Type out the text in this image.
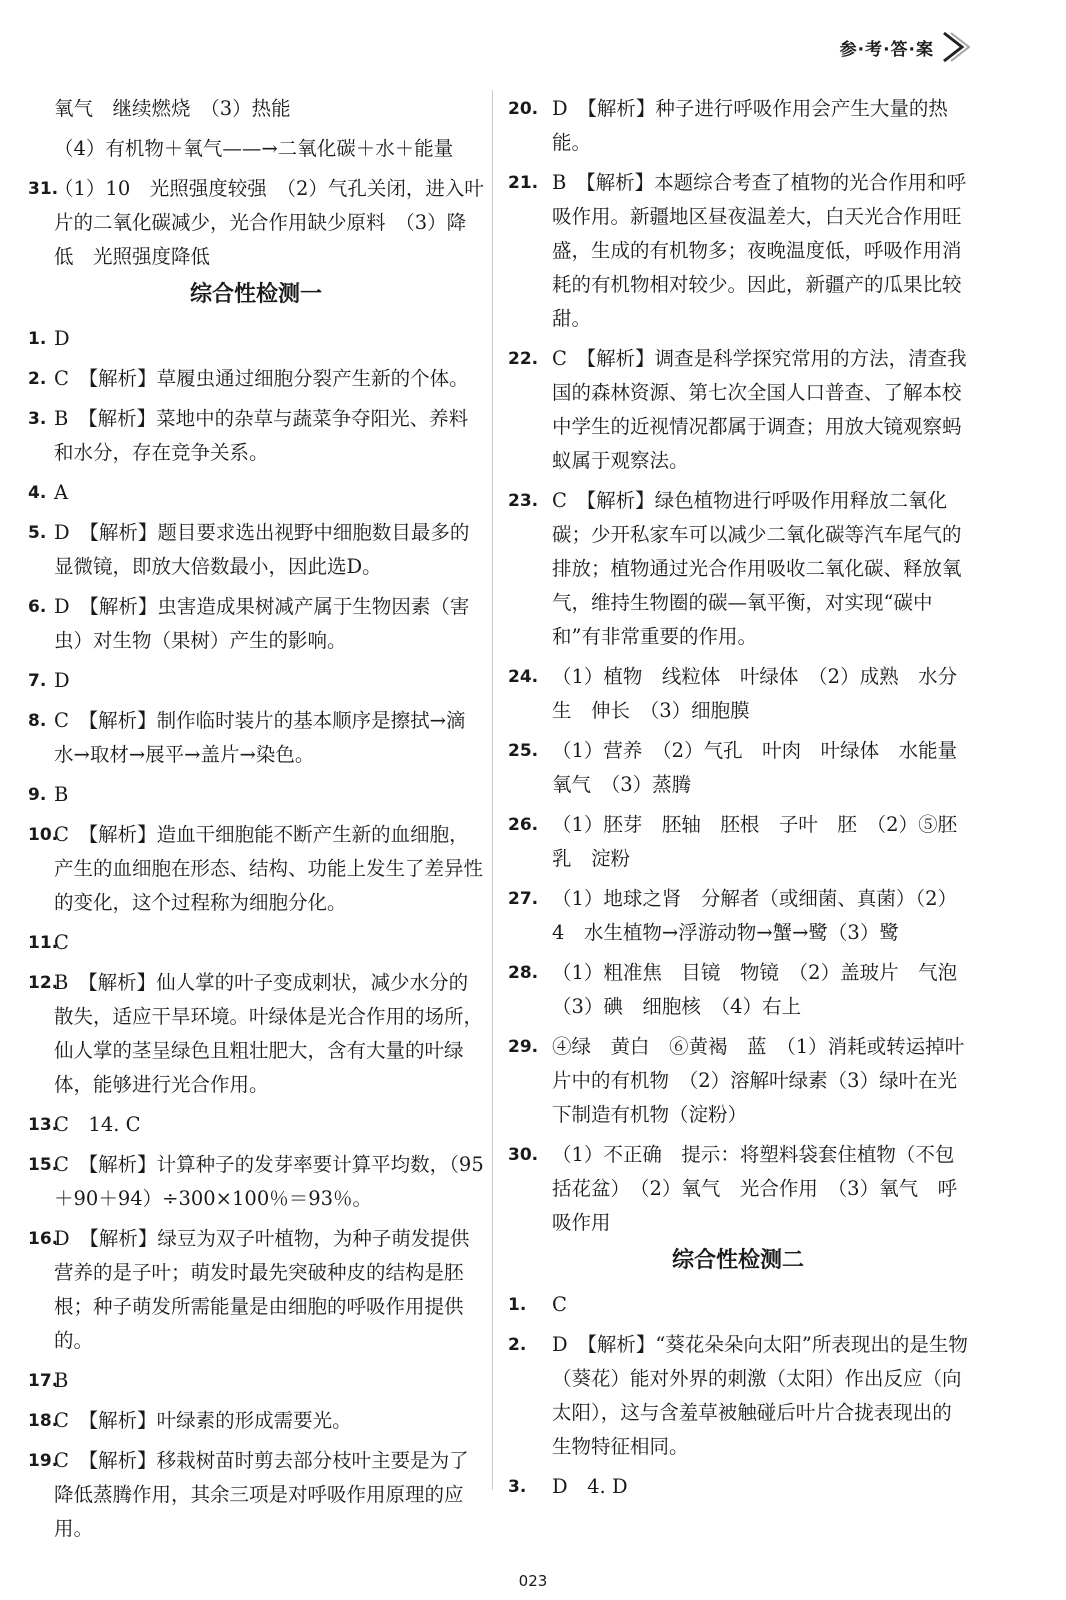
参·考·答·案
氧气　继续燃烧　（3）热能
（4）有机物＋氧气——→二氧化碳＋水＋能量
31.
（1）10　光照强度较强　（2）气孔关闭，进入叶片的二氧化碳减少，光合作用缺少原料　（3）降低　光照强度降低
综合性检测一
1. D
2. C　【解析】草履虫通过细胞分裂产生新的个体。
3. B　【解析】菜地中的杂草与蔬菜争夺阳光、养料和水分，存在竞争关系。
4. A
5. D　【解析】题目要求选出视野中细胞数目最多的显微镜，即放大倍数最小，因此选D。
6. D　【解析】虫害造成果树减产属于生物因素（害虫）对生物（果树）产生的影响。
7. D
8. C　【解析】制作临时装片的基本顺序是擦拭→滴水→取材→展平→盖片→染色。
9. B
10.
C　【解析】造血干细胞能不断产生新的血细胞，产生的血细胞在形态、结构、功能上发生了差异性的变化，这个过程称为细胞分化。
11.
C
12.
B　【解析】仙人掌的叶子变成刺状，减少水分的散失，适应干旱环境。叶绿体是光合作用的场所，仙人掌的茎呈绿色且粗壮肥大，含有大量的叶绿体，能够进行光合作用。
13.
C　14. C
15.
C　【解析】计算种子的发芽率要计算平均数，（95＋90＋94）÷300×100％＝93％。
16.
D　【解析】绿豆为双子叶植物，为种子萌发提供营养的是子叶；萌发时最先突破种皮的结构是胚根；种子萌发所需能量是由细胞的呼吸作用提供的。
17.
B
18.
C　【解析】叶绿素的形成需要光。
19.
C　【解析】移栽树苗时剪去部分枝叶主要是为了降低蒸腾作用，其余三项是对呼吸作用原理的应用。
20. D　【解析】种子进行呼吸作用会产生大量的热能。
21. B　【解析】本题综合考查了植物的光合作用和呼吸作用。新疆地区昼夜温差大，白天光合作用旺盛，生成的有机物多；夜晚温度低，呼吸作用消耗的有机物相对较少。因此，新疆产的瓜果比较甜。
22. C　【解析】调查是科学探究常用的方法，清查我国的森林资源、第七次全国人口普查、了解本校中学生的近视情况都属于调查；用放大镜观察蚂蚁属于观察法。
23. C　【解析】绿色植物进行呼吸作用释放二氧化碳；少开私家车可以减少二氧化碳等汽车尾气的排放；植物通过光合作用吸收二氧化碳、释放氧气，维持生物圈的碳—氧平衡，对实现“碳中和”有非常重要的作用。
24. （1）植物　线粒体　叶绿体　（2）成熟　水分生　伸长　（3）细胞膜
25. （1）营养　（2）气孔　叶肉　叶绿体　水能量　氧气　（3）蒸腾
26. （1）胚芽　胚轴　胚根　子叶　胚　（2）⑤胚乳　淀粉
27. （1）地球之肾　分解者（或细菌、真菌）（2）4　水生植物→浮游动物→蟹→鹭（3）鹭
28. （1）粗准焦　目镜　物镜　（2）盖玻片　气泡　（3）碘　细胞核　（4）右上
29. ④绿　黄白　⑥黄褐　蓝　（1）消耗或转运掉叶片中的有机物　（2）溶解叶绿素（3）绿叶在光下制造有机物（淀粉）
30. （1）不正确　提示：将塑料袋套住植物（不包括花盆）　（2）氧气　光合作用　（3）氧气　呼吸作用
综合性检测二
1. C
2. D　【解析】“葵花朵朵向太阳”所表现出的是生物（葵花）能对外界的刺激（太阳）作出反应（向太阳），这与含羞草被触碰后叶片合拢表现出的生物特征相同。
3. D　4. D
023
